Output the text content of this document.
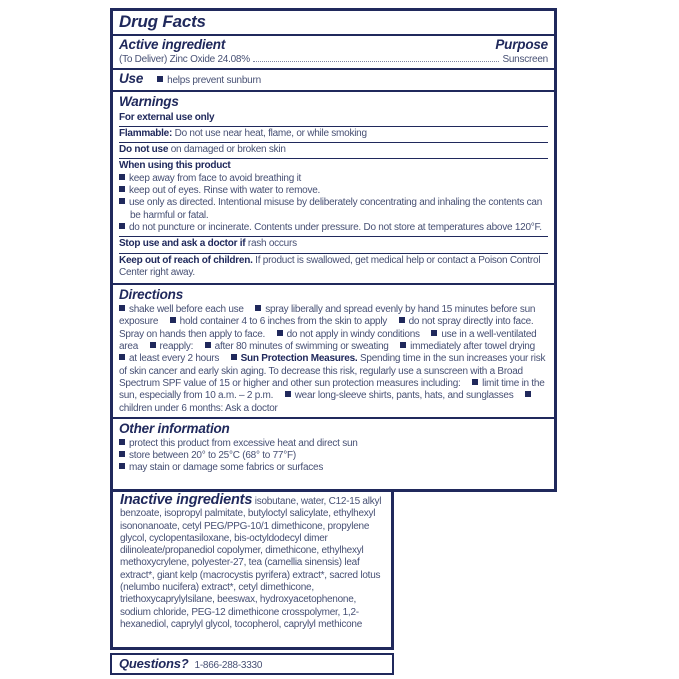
Drug Facts
Active ingredient	Purpose
(To Deliver) Zinc Oxide 24.08%	Sunscreen
Use	helps prevent sunburn
Warnings
For external use only
Flammable: Do not use near heat, flame, or while smoking
Do not use on damaged or broken skin
When using this product
keep away from face to avoid breathing it
keep out of eyes. Rinse with water to remove.
use only as directed. Intentional misuse by deliberately concentrating and inhaling the contents can be harmful or fatal.
do not puncture or incinerate. Contents under pressure. Do not store at temperatures above 120°F.
Stop use and ask a doctor if rash occurs
Keep out of reach of children. If product is swallowed, get medical help or contact a Poison Control Center right away.
Directions
shake well before each use spray liberally and spread evenly by hand 15 minutes before sun exposure hold container 4 to 6 inches from the skin to apply do not spray directly into face. Spray on hands then apply to face. do not apply in windy conditions use in a well-ventilated area reapply: after 80 minutes of swimming or sweating immediately after towel drying at least every 2 hours Sun Protection Measures. Spending time in the sun increases your risk of skin cancer and early skin aging. To decrease this risk, regularly use a sunscreen with a Broad Spectrum SPF value of 15 or higher and other sun protection measures including: limit time in the sun, especially from 10 a.m. – 2 p.m. wear long-sleeve shirts, pants, hats, and sunglasses children under 6 months: Ask a doctor
Other information
protect this product from excessive heat and direct sun
store between 20° to 25°C (68° to 77°F)
may stain or damage some fabrics or surfaces
Inactive ingredients isobutane, water, C12-15 alkyl benzoate, isopropyl palmitate, butyloctyl salicylate, ethylhexyl isononanoate, cetyl PEG/PPG-10/1 dimethicone, propylene glycol, cyclopentasiloxane, bis-octyldodecyl dimer dilinoleate/propanediol copolymer, dimethicone, ethylhexyl methoxycrylene, polyester-27, tea (camellia sinensis) leaf extract*, giant kelp (macrocystis pyrifera) extract*, sacred lotus (nelumbo nucifera) extract*, cetyl dimethicone, triethoxycaprylylsilane, beeswax, hydroxyacetophenone, sodium chloride, PEG-12 dimethicone crosspolymer, 1,2-hexanediol, caprylyl glycol, tocopherol, caprylyl methicone
Questions? 1-866-288-3330
